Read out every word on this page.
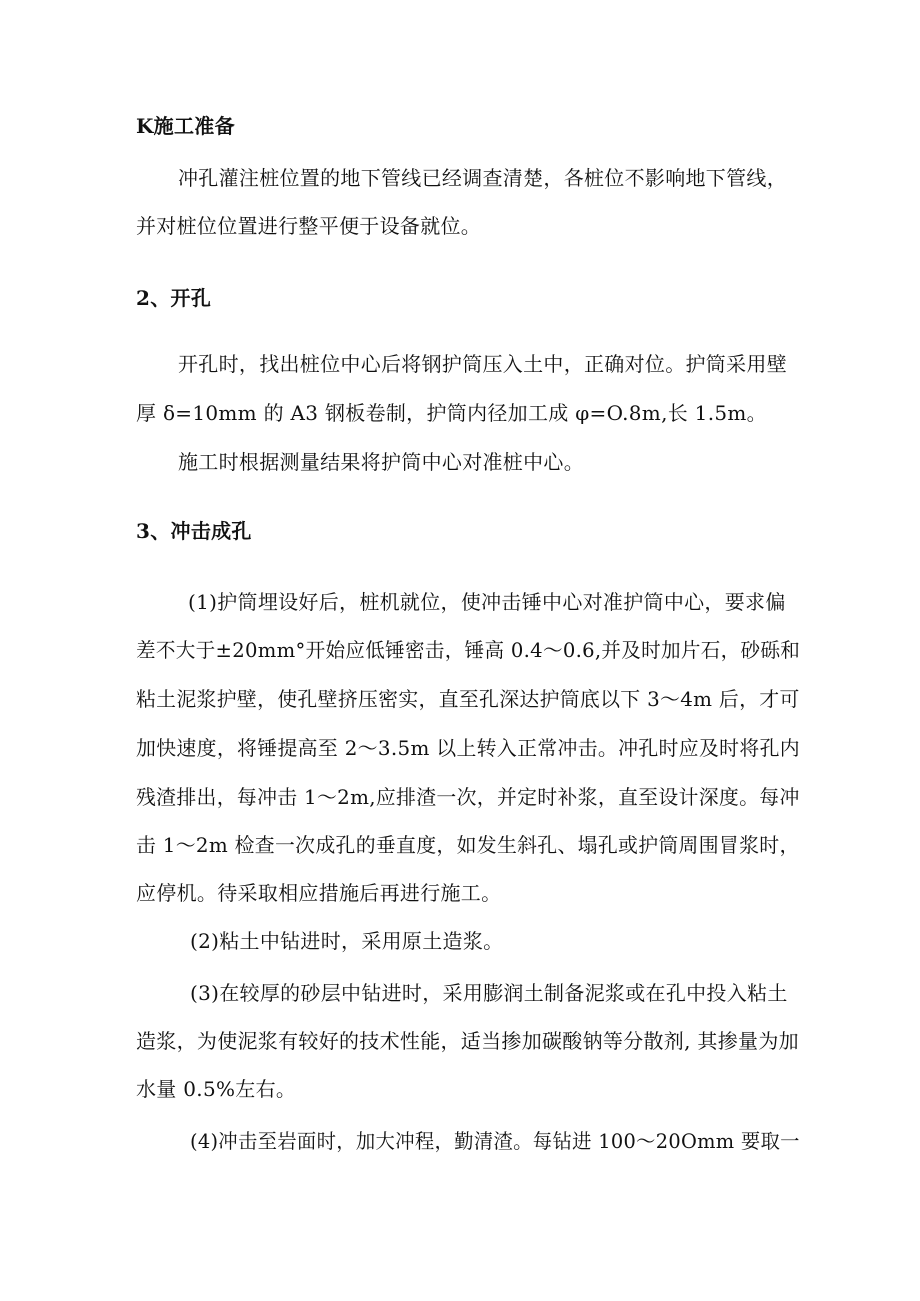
K施工准备
冲孔灌注桩位置的地下管线已经调查清楚，各桩位不影响地下管线，
并对桩位位置进行整平便于设备就位。
2、开孔
开孔时，找出桩位中心后将钢护筒压入土中，正确对位。护筒采用壁
厚 δ=10mm 的 A3 钢板卷制，护筒内径加工成 φ=O.8m,长 1.5m。
施工时根据测量结果将护筒中心对准桩中心。
3、冲击成孔
(1)护筒埋设好后，桩机就位，使冲击锤中心对准护筒中心，要求偏
差不大于±20mm°开始应低锤密击，锤高 0.4～0.6,并及时加片石，砂砾和
粘土泥浆护壁，使孔壁挤压密实，直至孔深达护筒底以下 3～4m 后，才可
加快速度，将锤提高至 2～3.5m 以上转入正常冲击。冲孔时应及时将孔内
残渣排出，每冲击 1～2m,应排渣一次，并定时补浆，直至设计深度。每冲
击 1～2m 检查一次成孔的垂直度，如发生斜孔、塌孔或护筒周围冒浆时，
应停机。待采取相应措施后再进行施工。
(2)粘土中钻进时，采用原土造浆。
(3)在较厚的砂层中钻进时，采用膨润土制备泥浆或在孔中投入粘土
造浆，为使泥浆有较好的技术性能，适当掺加碳酸钠等分散剂, 其掺量为加
水量 0.5%左右。
(4)冲击至岩面时，加大冲程，勤清渣。每钻进 100～20Omm 要取一
